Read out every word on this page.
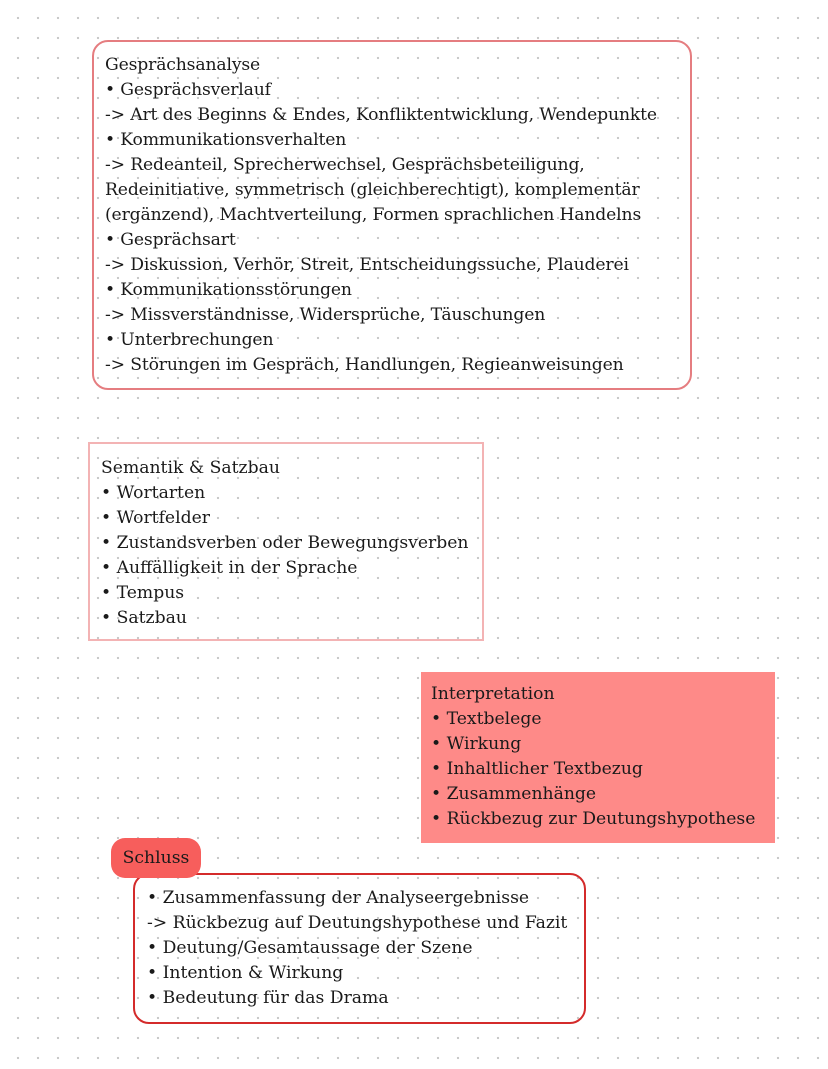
Gesprächsanalyse
• Gesprächsverlauf
-> Art des Beginns & Endes, Konfliktentwicklung, Wendepunkte
• Kommunikationsverhalten
-> Redeanteil, Sprecherwechsel, Gesprächsbeteiligung,
Redeinitiative, symmetrisch (gleichberechtigt), komplementär
(ergänzend), Machtverteilung, Formen sprachlichen Handelns
• Gesprächsart
-> Diskussion, Verhör, Streit, Entscheidungssuche, Plauderei
• Kommunikationsstörungen
-> Missverständnisse, Widersprüche, Täuschungen
• Unterbrechungen
-> Störungen im Gespräch, Handlungen, Regieanweisungen
Semantik & Satzbau
• Wortarten
• Wortfelder
• Zustandsverben oder Bewegungsverben
• Auffälligkeit in der Sprache
• Tempus
• Satzbau
Interpretation
• Textbelege
• Wirkung
• Inhaltlicher Textbezug
• Zusammenhänge
• Rückbezug zur Deutungshypothese
• Zusammenfassung der Analyseergebnisse
-> Rückbezug auf Deutungshypothese und Fazit
• Deutung/Gesamtaussage der Szene
• Intention & Wirkung
• Bedeutung für das Drama
Schluss
